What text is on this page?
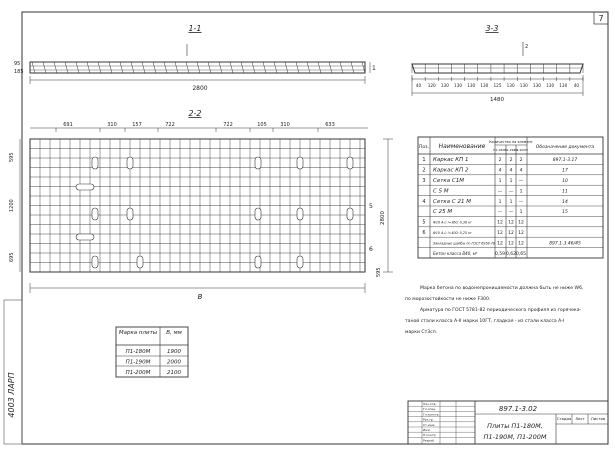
7
1-1
95
185
2800
1
3-3
2
40 120 130 130 130 130 125 130 130 130 130 130 40
1480
2-2
691	310	157	722	722	105	310	633
595
1200
695
2800
595
B
5
6
Поз. Наименование
Количество на элемент
П1-180М
П1-190М
П1-200М Обозначение документа
1 Каркас КП 1	2 2 2	897.1-3.17
2 Каркас КП 2	4 4 4	17
3 Сетка С1М	1 1 —	10
С 5 М	— — 1	11
4 Сетка С 21 М	1 1 —	14
С 25 М	— — 1	15
5 Ф16 А-I; l=360; 0,36 кг	12 12 12
6 Ф10 А-I; l=400; 0,25 кг	12 12 12
Закладные шайбы по ГОСТ 6958-78 12 12 12	897.1-3.46/45
Бетон класса B40, м³	0,59 0,62 0,65
Марка бетона по водонепроницаемости должна быть не ниже W6,
по морозостойкости не ниже F300.
Арматура по ГОСТ 5781-82 периодического профиля из горячека-
таной стали класса А-II марки 10ГТ, гладкая - из стали класса А-I
марки Ст3сп.
Марка плиты B, мм
П1-180М	1900
П1-190М	2000
П1-200М	2100
Нач.отд.
Гл.спец.
Гл.констр.
Рук.гр.
Ст.инж.
Инж.
Н.контр.
Разраб.
897.1-3.02
Плиты П1-180М,
П1-190М, П1-200М
Стадия Лист Листов
4003 ЛАРП
